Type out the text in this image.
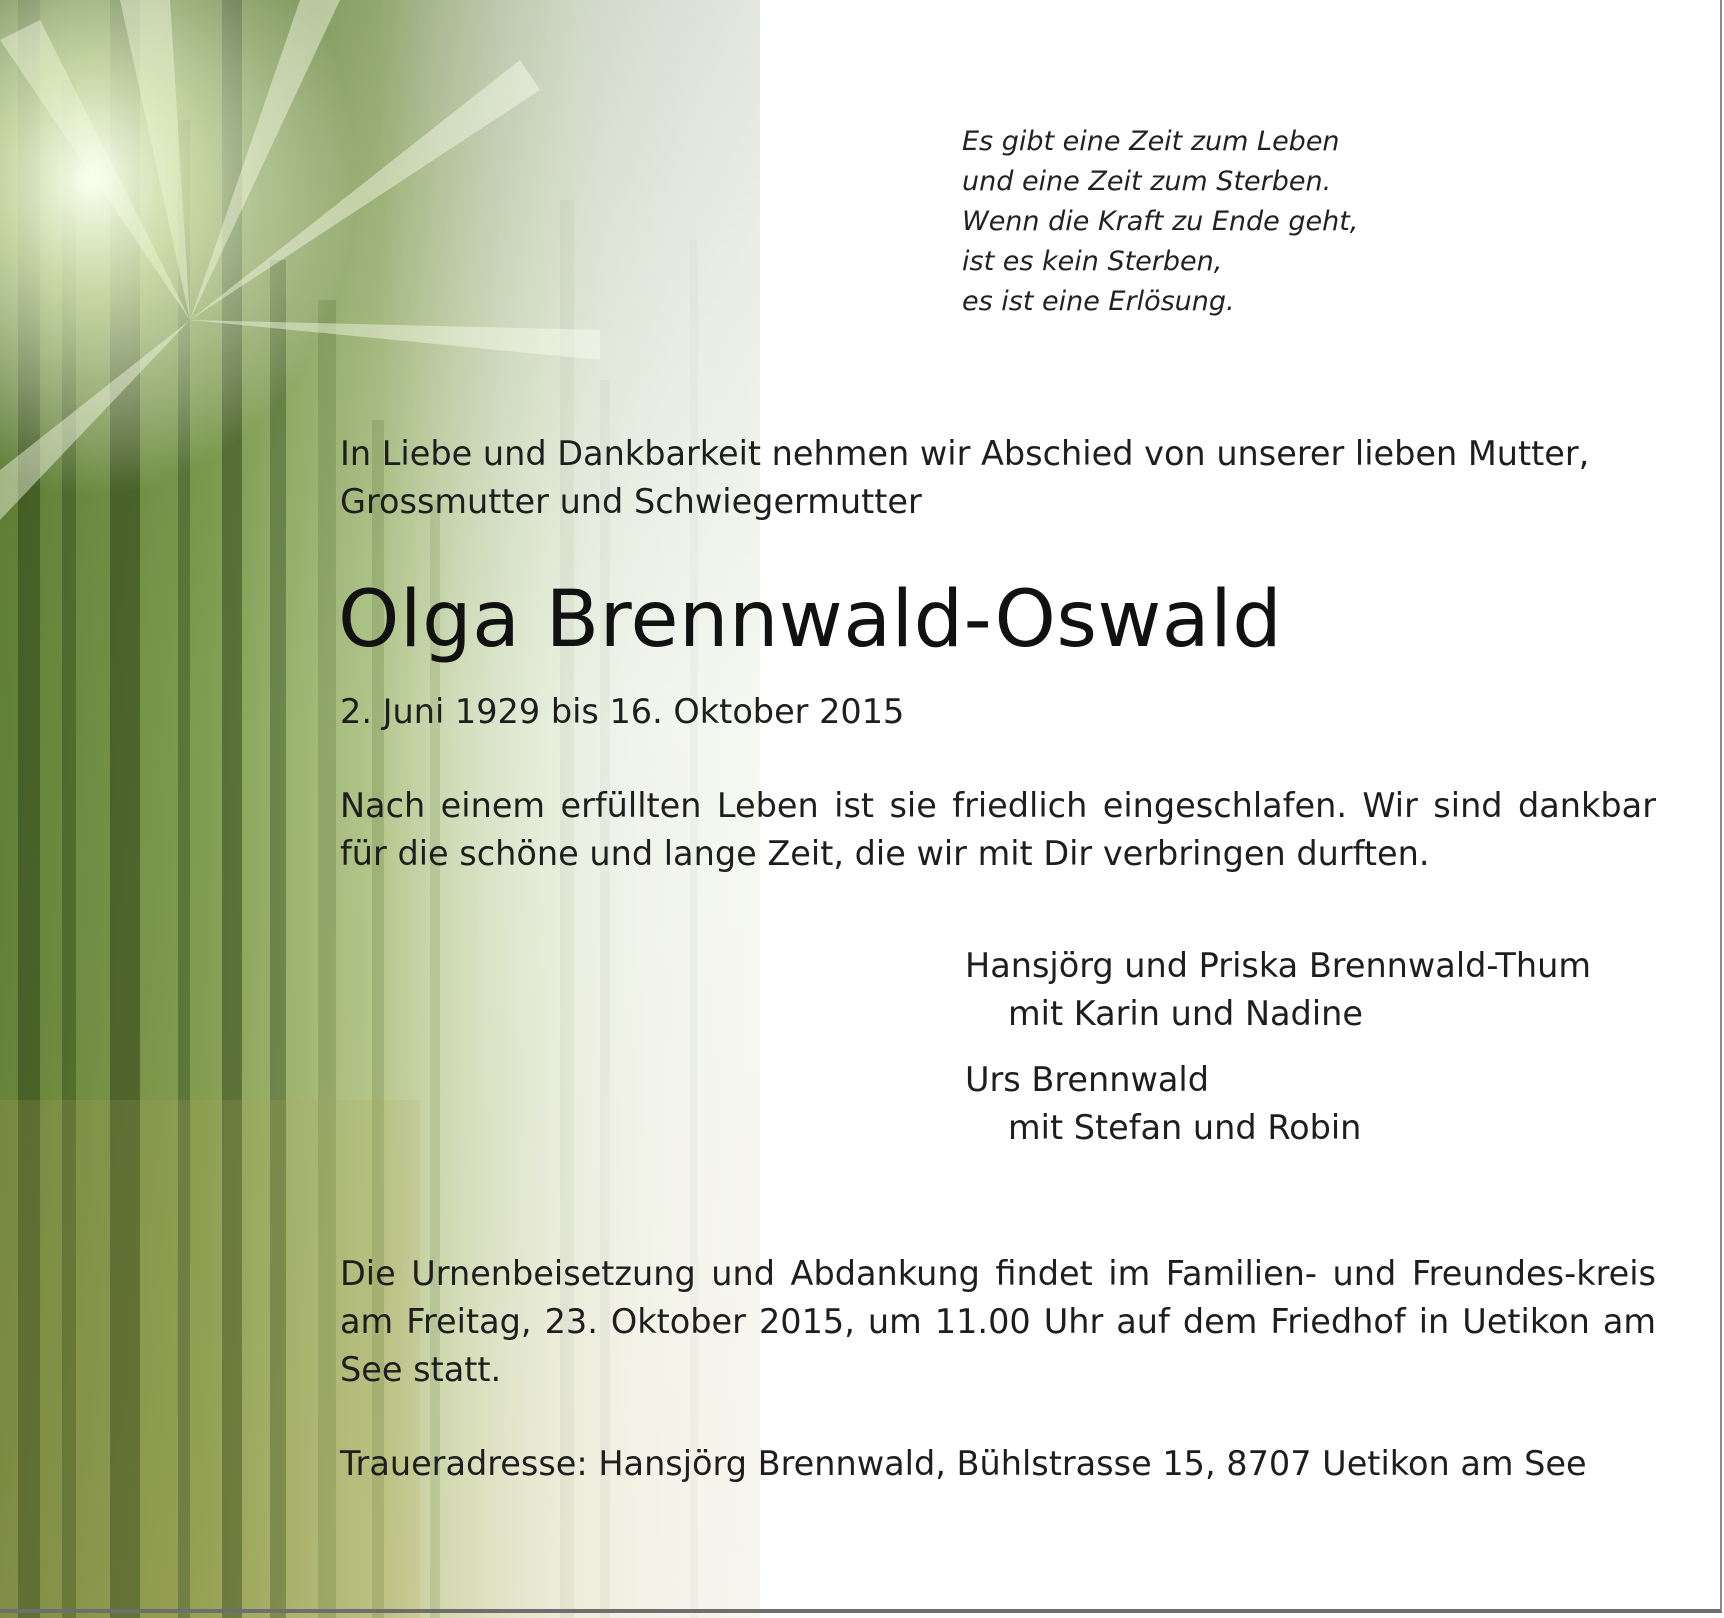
Es gibt eine Zeit zum Leben
und eine Zeit zum Sterben.
Wenn die Kraft zu Ende geht,
ist es kein Sterben,
es ist eine Erlösung.
In Liebe und Dankbarkeit nehmen wir Abschied von unserer lieben Mutter,
Grossmutter und Schwiegermutter
Olga Brennwald-Oswald
2. Juni 1929 bis 16. Oktober 2015
Nach einem erfüllten Leben ist sie friedlich eingeschlafen. Wir sind dankbar für die schöne und lange Zeit, die wir mit Dir verbringen durften.
Hansjörg und Priska Brennwald-Thum
mit Karin und Nadine
Urs Brennwald
mit Stefan und Robin
Die Urnenbeisetzung und Abdankung findet im Familien- und Freundes-kreis am Freitag, 23. Oktober 2015, um 11.00 Uhr auf dem Friedhof in Uetikon am See statt.
Traueradresse: Hansjörg Brennwald, Bühlstrasse 15, 8707 Uetikon am See
